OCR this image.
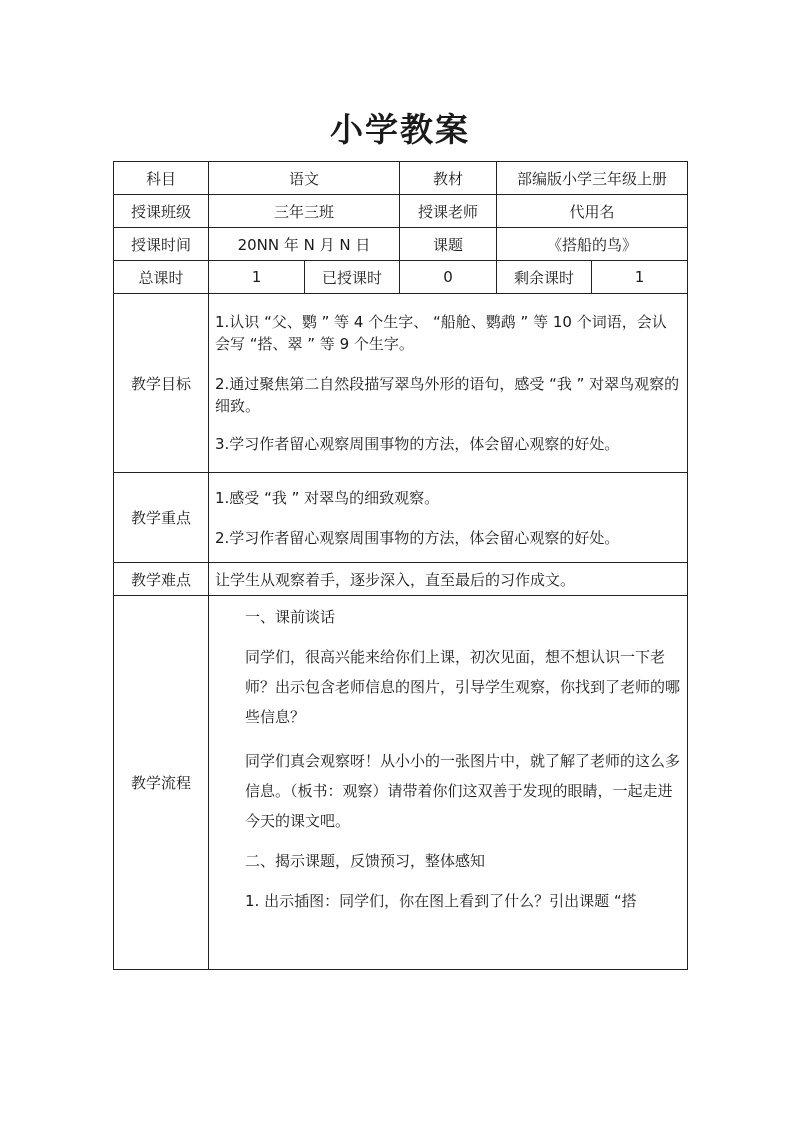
小学教案
科目	语文		教材	部编版小学三年级上册	
授课班级	三年三班		授课老师	代用名	
授课时间	20NN 年 N 月 N 日		课题	《搭船的鸟》	
总课时	1	已授课时	0	剩余课时	1
教学目标	1.认识 “父、鹦 ” 等 4 个生字、 “船舱、鹦鹉 ” 等 10 个词语，会认会写 “搭、翠 ” 等 9 个生字。

2.通过聚焦第二自然段描写翠鸟外形的语句，感受 “我 ” 对翠鸟观察的细致。

3.学习作者留心观察周围事物的方法，体会留心观察的好处。				

教学重点	1.感受 “我 ” 对翠鸟的细致观察。

2.学习作者留心观察周围事物的方法，体会留心观察的好处。				

教学难点	让学生从观察着手，逐步深入，直至最后的习作成文。				
教学流程	一、课前谈话

同学们，很高兴能来给你们上课，初次见面，想不想认识一下老师？出示包含老师信息的图片，引导学生观察，你找到了老师的哪些信息？

同学们真会观察呀！从小小的一张图片中，就了解了老师的这么多信息。（板书：观察）请带着你们这双善于发现的眼睛，一起走进今天的课文吧。

二、揭示课题，反馈预习，整体感知

1. 出示插图：同学们，你在图上看到了什么？引出课题 “搭				
